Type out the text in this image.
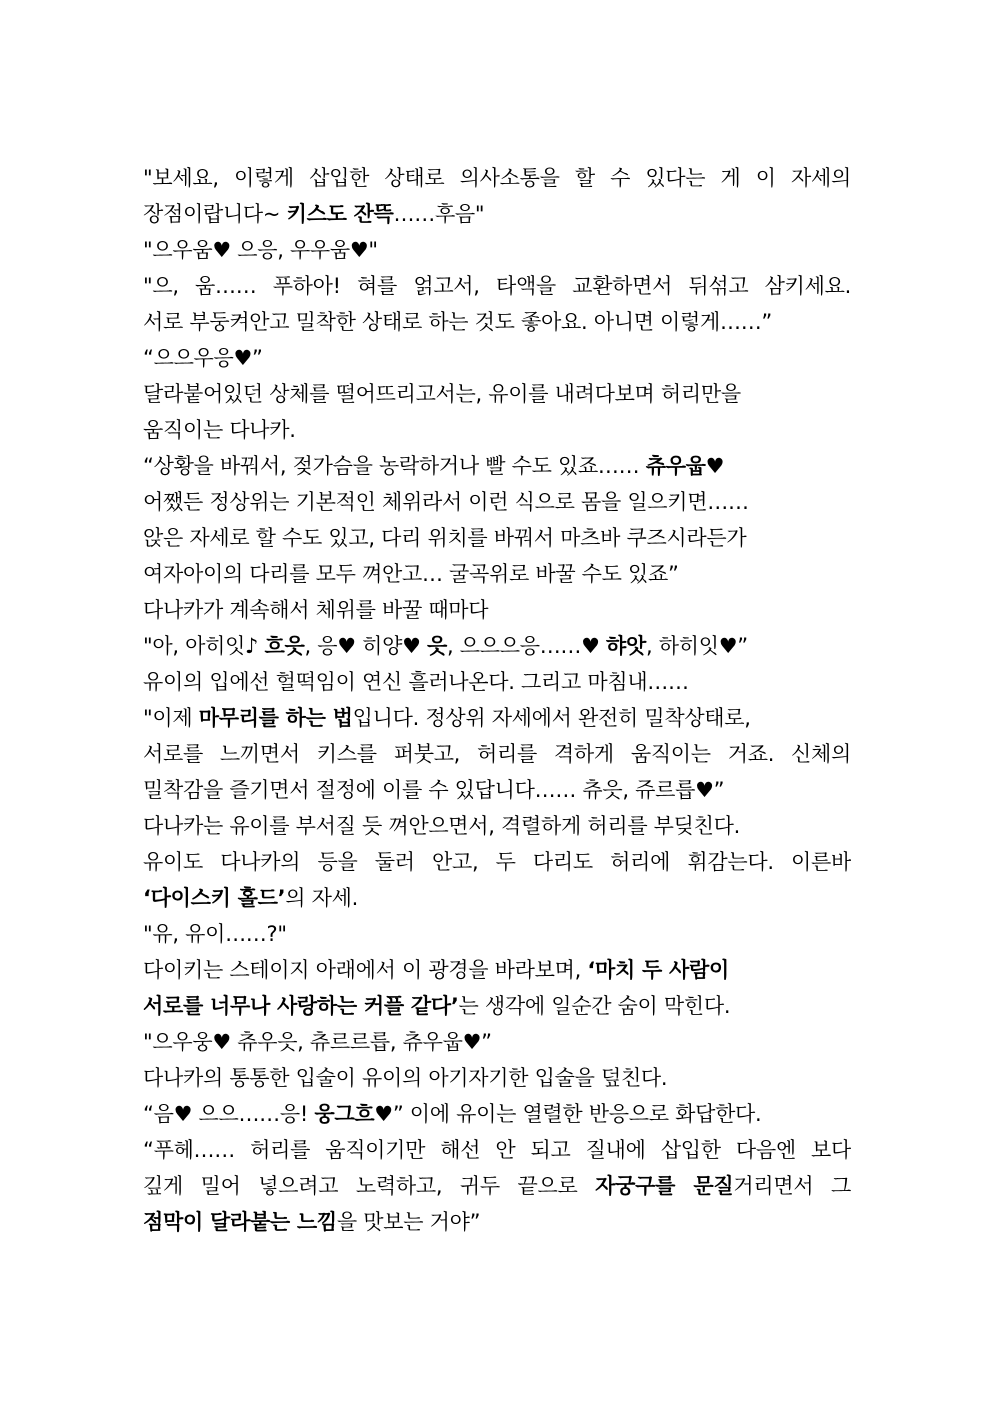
"보세요, 이렇게 삽입한 상태로 의사소통을 할 수 있다는 게 이 자세의
장점이랍니다~ 키스도 잔뜩……후음"
"으우움♥ 으응, 우우움♥"
"으, 움…… 푸하아! 혀를 얽고서, 타액을 교환하면서 뒤섞고 삼키세요.
서로 부둥켜안고 밀착한 상태로 하는 것도 좋아요. 아니면 이렇게……”
“으으우응♥”
달라붙어있던 상체를 떨어뜨리고서는, 유이를 내려다보며 허리만을
움직이는 다나카.
“상황을 바꿔서, 젖가슴을 농락하거나 빨 수도 있죠…… 츄우웁♥
어쨌든 정상위는 기본적인 체위라서 이런 식으로 몸을 일으키면……
앉은 자세로 할 수도 있고, 다리 위치를 바꿔서 마츠바 쿠즈시라든가
여자아이의 다리를 모두 껴안고… 굴곡위로 바꿀 수도 있죠”
다나카가 계속해서 체위를 바꿀 때마다
"아, 아히잇♪ 흐읏, 응♥ 히양♥ 읏, 으으으응……♥ 햐앗, 하히잇♥”
유이의 입에선 헐떡임이 연신 흘러나온다. 그리고 마침내……
"이제 마무리를 하는 법입니다. 정상위 자세에서 완전히 밀착상태로,
서로를 느끼면서 키스를 퍼붓고, 허리를 격하게 움직이는 거죠. 신체의
밀착감을 즐기면서 절정에 이를 수 있답니다…… 츄읏, 쥬르릅♥”
다나카는 유이를 부서질 듯 껴안으면서, 격렬하게 허리를 부딪친다.
유이도 다나카의 등을 둘러 안고, 두 다리도 허리에 휘감는다. 이른바
‘다이스키 홀드’의 자세.
"유, 유이……?"
다이키는 스테이지 아래에서 이 광경을 바라보며, ‘마치 두 사람이
서로를 너무나 사랑하는 커플 같다’는 생각에 일순간 숨이 막힌다.
"으우웅♥ 츄우읏, 츄르르릅, 츄우웁♥”
다나카의 통통한 입술이 유이의 아기자기한 입술을 덮친다.
“음♥ 으으……응! 웅그흐♥” 이에 유이는 열렬한 반응으로 화답한다.
“푸헤…… 허리를 움직이기만 해선 안 되고 질내에 삽입한 다음엔 보다
깊게 밀어 넣으려고 노력하고, 귀두 끝으로 자궁구를 문질거리면서 그
점막이 달라붙는 느낌을 맛보는 거야”
